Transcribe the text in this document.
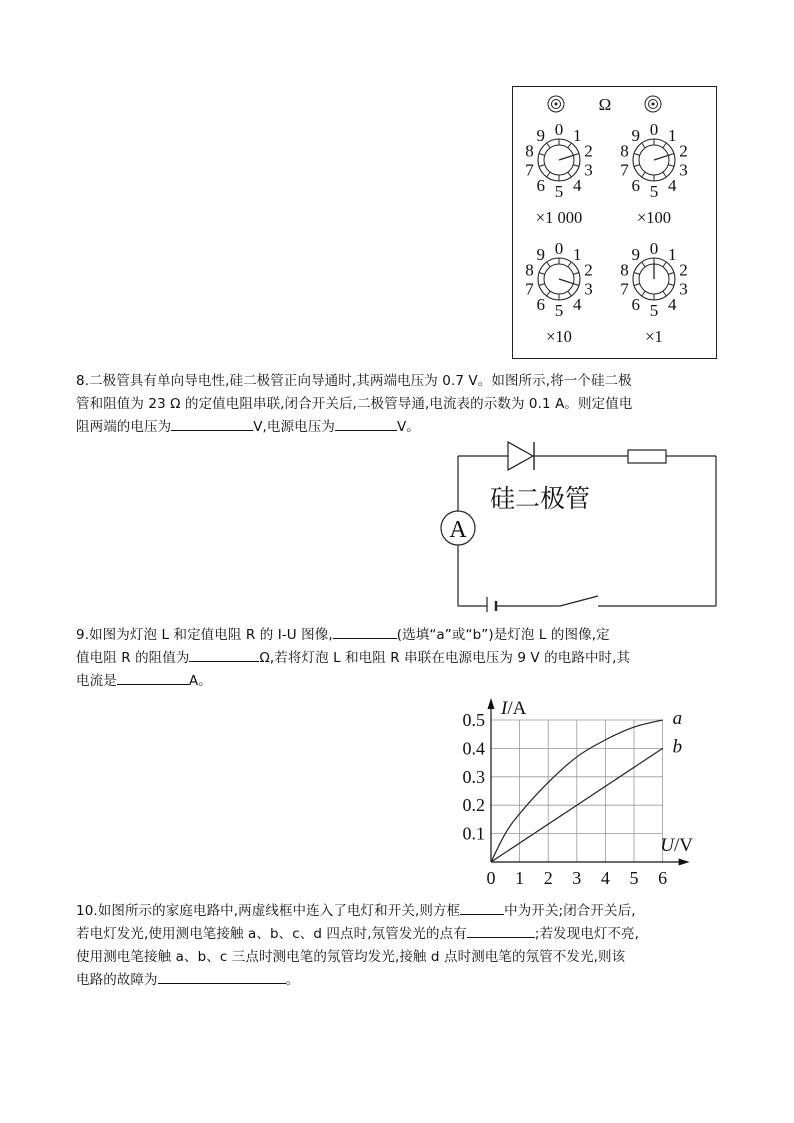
Ω
0 1
2
3
4
5
6
7
8
9
×1 000
0 1
2
3
4
5
6
7
8
9
×100
0 1
2
3
4
5
6
7
8
9
×10
0 1
2
3
4
5
6
7
8
9
×1
8.二极管具有单向导电性,硅二极管正向导通时,其两端电压为 0.7 V。如图所示,将一个硅二极
管和阻值为 23 Ω 的定值电阻串联,闭合开关后,二极管导通,电流表的示数为 0.1 A。则定值电
阻两端的电压为	V,电源电压为	V。
硅二极管
A
9.如图为灯泡 L 和定值电阻 R 的 I-U 图像,	(选填“a”或“b”)是灯泡 L 的图像,定
值电阻 R 的阻值为	Ω,若将灯泡 L 和电阻 R 串联在电源电压为 9 V 的电路中时,其
电流是	A。
I/A
U/V
0 1 2 3 4 5 6
0.1
0.2
0.3
0.4
0.5	a
b
10.如图所示的家庭电路中,两虚线框中连入了电灯和开关,则方框	中为开关;闭合开关后,
若电灯发光,使用测电笔接触 a、b、c、d 四点时,氖管发光的点有	;若发现电灯不亮,
使用测电笔接触 a、b、c 三点时测电笔的氖管均发光,接触 d 点时测电笔的氖管不发光,则该
电路的故障为	。
